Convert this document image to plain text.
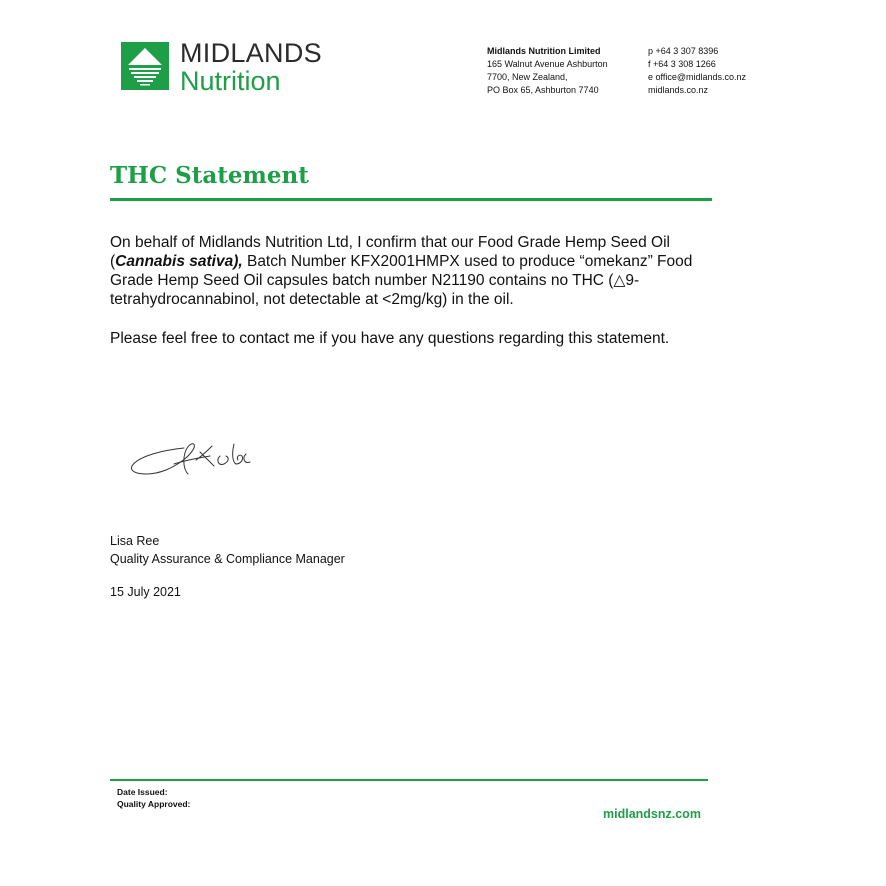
MIDLANDS
Nutrition
Midlands Nutrition Limited
165 Walnut Avenue Ashburton
7700, New Zealand,
PO Box 65, Ashburton 7740
p +64 3 307 8396
f +64 3 308 1266
e office@midlands.co.nz
midlands.co.nz
THC Statement
On behalf of Midlands Nutrition Ltd, I confirm that our Food Grade Hemp Seed Oil (Cannabis sativa), Batch Number KFX2001HMPX used to produce “omekanz” Food Grade Hemp Seed Oil capsules batch number N21190 contains no THC (△9-tetrahydrocannabinol, not detectable at <2mg/kg) in the oil.
Please feel free to contact me if you have any questions regarding this statement.
Lisa Ree
Quality Assurance & Compliance Manager
15 July 2021
Date Issued:
Quality Approved:
midlandsnz.com
